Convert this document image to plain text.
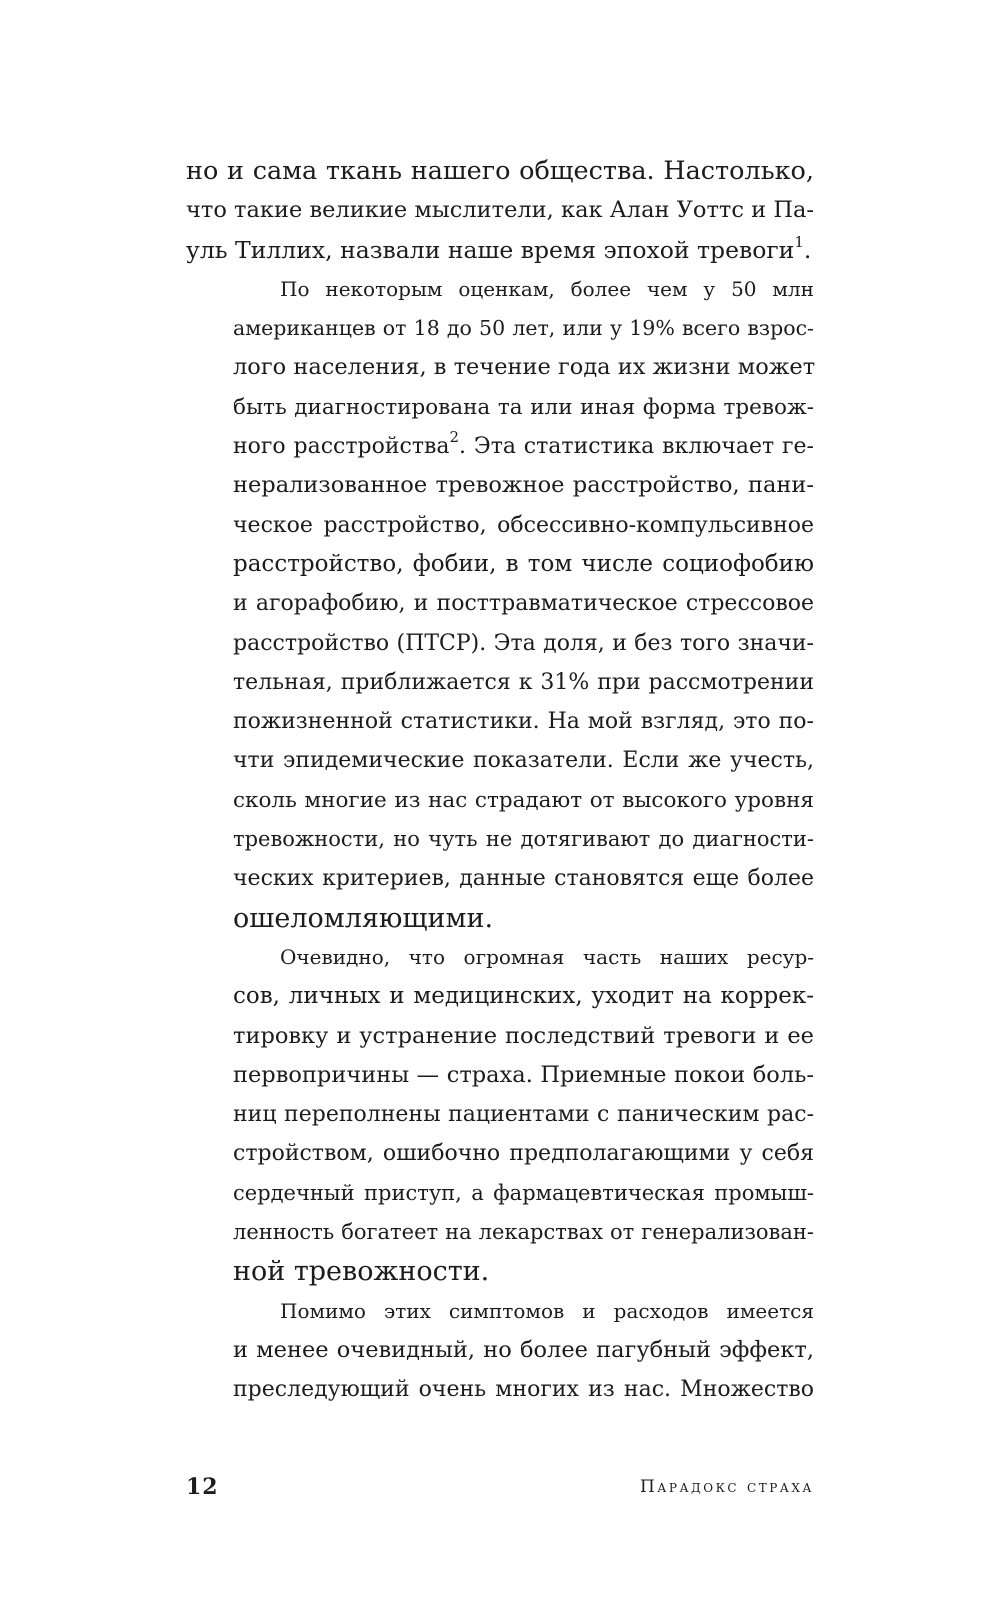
но и сама ткань нашего общества. Настолько,
что такие великие мыслители, как Алан Уоттс и Па-
уль Тиллих, назвали наше время эпохой тревоги$^1$.

По некоторым оценкам, более чем у 50 млн
американцев от 18 до 50 лет, или у 19% всего взрос-
лого населения, в течение года их жизни может
быть диагностирована та или иная форма тревож-
ного расстройства$^2$. Эта статистика включает ге-
нерализованное тревожное расстройство, пани-
ческое расстройство, обсессивно-компульсивное
расстройство, фобии, в том числе социофобию
и агорафобию, и посттравматическое стрессовое
расстройство (ПТСР). Эта доля, и без того значи-
тельная, приближается к 31% при рассмотрении
пожизненной статистики. На мой взгляд, это по-
чти эпидемические показатели. Если же учесть,
сколь многие из нас страдают от высокого уровня
тревожности, но чуть не дотягивают до диагности-
ческих критериев, данные становятся еще более
ошеломляющими.

Очевидно, что огромная часть наших ресур-
сов, личных и медицинских, уходит на коррек-
тировку и устранение последствий тревоги и ее
первопричины — страха. Приемные покои боль-
ниц переполнены пациентами с паническим рас-
стройством, ошибочно предполагающими у себя
сердечный приступ, а фармацевтическая промыш-
ленность богатеет на лекарствах от генерализован-
ной тревожности.

Помимо этих симптомов и расходов имеется
и менее очевидный, но более пагубный эффект,
преследующий очень многих из нас. Множество

12	Парадокс страха
